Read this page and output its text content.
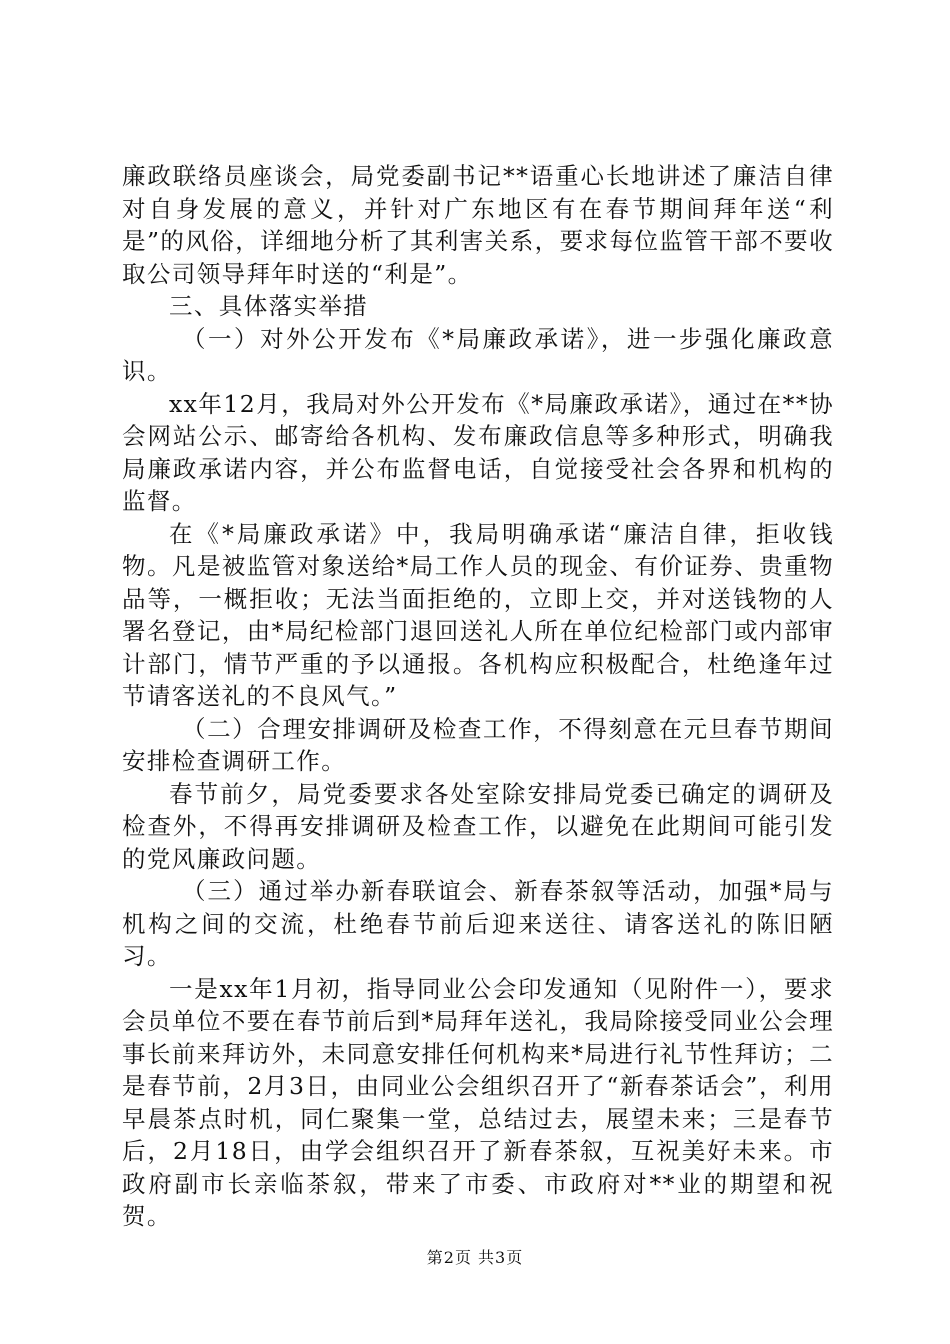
廉政联络员座谈会，局党委副书记**语重心长地讲述了廉洁自律对自身发展的意义，并针对广东地区有在春节期间拜年送“利是”的风俗，详细地分析了其利害关系，要求每位监管干部不要收取公司领导拜年时送的“利是”。

三、具体落实举措

（一）对外公开发布《*局廉政承诺》，进一步强化廉政意识。

xx年12月，我局对外公开发布《*局廉政承诺》，通过在**协会网站公示、邮寄给各机构、发布廉政信息等多种形式，明确我局廉政承诺内容，并公布监督电话，自觉接受社会各界和机构的监督。

在《*局廉政承诺》中，我局明确承诺“廉洁自律，拒收钱物。凡是被监管对象送给*局工作人员的现金、有价证券、贵重物品等，一概拒收；无法当面拒绝的，立即上交，并对送钱物的人署名登记，由*局纪检部门退回送礼人所在单位纪检部门或内部审计部门，情节严重的予以通报。各机构应积极配合，杜绝逢年过节请客送礼的不良风气。”

（二）合理安排调研及检查工作，不得刻意在元旦春节期间安排检查调研工作。

春节前夕，局党委要求各处室除安排局党委已确定的调研及检查外，不得再安排调研及检查工作，以避免在此期间可能引发的党风廉政问题。

（三）通过举办新春联谊会、新春茶叙等活动，加强*局与机构之间的交流，杜绝春节前后迎来送往、请客送礼的陈旧陋习。

一是xx年1月初，指导同业公会印发通知（见附件一），要求会员单位不要在春节前后到*局拜年送礼，我局除接受同业公会理事长前来拜访外，未同意安排任何机构来*局进行礼节性拜访；二是春节前，2月3日，由同业公会组织召开了“新春茶话会”，利用早晨茶点时机，同仁聚集一堂，总结过去，展望未来；三是春节后，2月18日，由学会组织召开了新春茶叙，互祝美好未来。市政府副市长亲临茶叙，带来了市委、市政府对**业的期望和祝贺。

第2页 共3页
